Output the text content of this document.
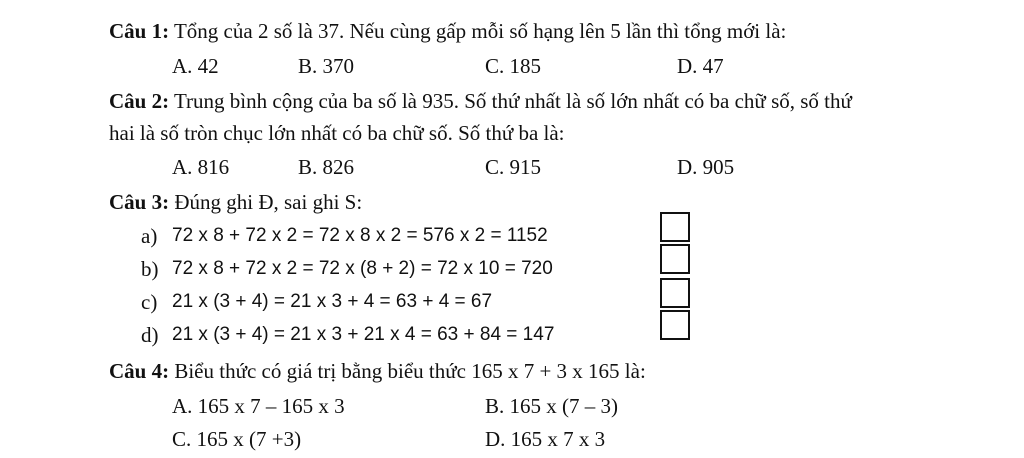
Câu 1: Tổng của 2 số là 37. Nếu cùng gấp mỗi số hạng lên 5 lần thì tổng mới là:
A. 42	B. 370	C. 185	D. 47
Câu 2: Trung bình cộng của ba số là 935. Số thứ nhất là số lớn nhất có ba chữ số, số thứ
hai là số tròn chục lớn nhất có ba chữ số. Số thứ ba là:
A. 816	B. 826	C. 915	D. 905
Câu 3: Đúng ghi Đ, sai ghi S:
a) 72 x 8 + 72 x 2 = 72 x 8 x 2 = 576 x 2 = 1152
b) 72 x 8 + 72 x 2 = 72 x (8 + 2) = 72 x 10 = 720
c) 21 x (3 + 4) = 21 x 3 + 4 = 63 + 4 = 67
d) 21 x (3 + 4) = 21 x 3 + 21 x 4 = 63 + 84 = 147
Câu 4: Biểu thức có giá trị bằng biểu thức 165 x 7 + 3 x 165 là:
A. 165 x 7 – 165 x 3	B. 165 x (7 – 3)
C. 165 x (7 +3)	D. 165 x 7 x 3
